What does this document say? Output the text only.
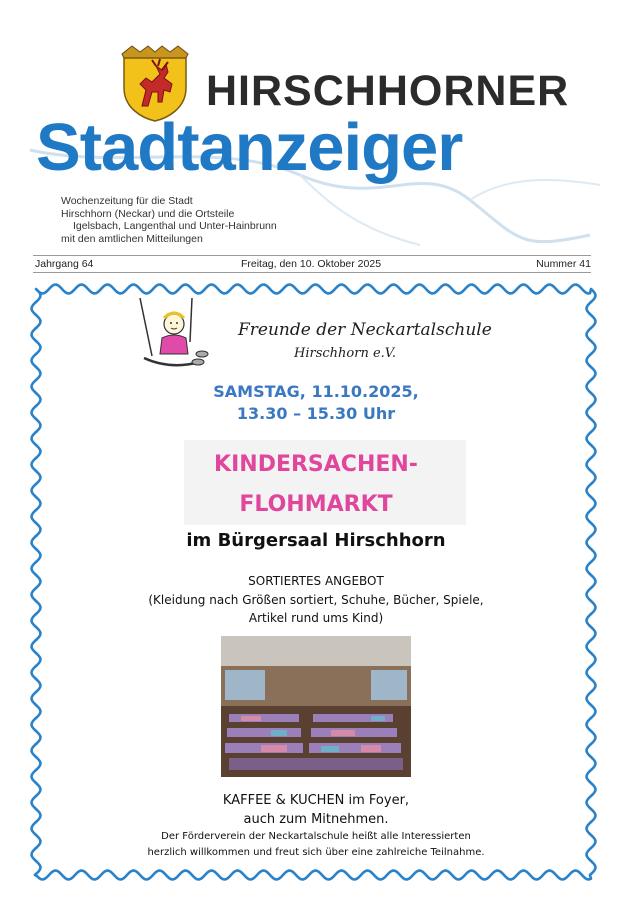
HIRSCHHORNER
Stadtanzeiger
Wochenzeitung für die Stadt
Hirschhorn (Neckar) und die Ortsteile
Igelsbach, Langenthal und Unter-Hainbrunn
mit den amtlichen Mitteilungen
Jahrgang 64	Freitag, den 10. Oktober 2025	Nummer 41
Freunde der Neckartalschule
Hirschhorn e.V.
SAMSTAG, 11.10.2025,
13.30 – 15.30 Uhr
KINDERSACHEN-
FLOHMARKT
im Bürgersaal Hirschhorn
SORTIERTES ANGEBOT
(Kleidung nach Größen sortiert, Schuhe, Bücher, Spiele,
Artikel rund ums Kind)
KAFFEE & KUCHEN im Foyer,
auch zum Mitnehmen.
Der Förderverein der Neckartalschule heißt alle Interessierten
herzlich willkommen und freut sich über eine zahlreiche Teilnahme.
